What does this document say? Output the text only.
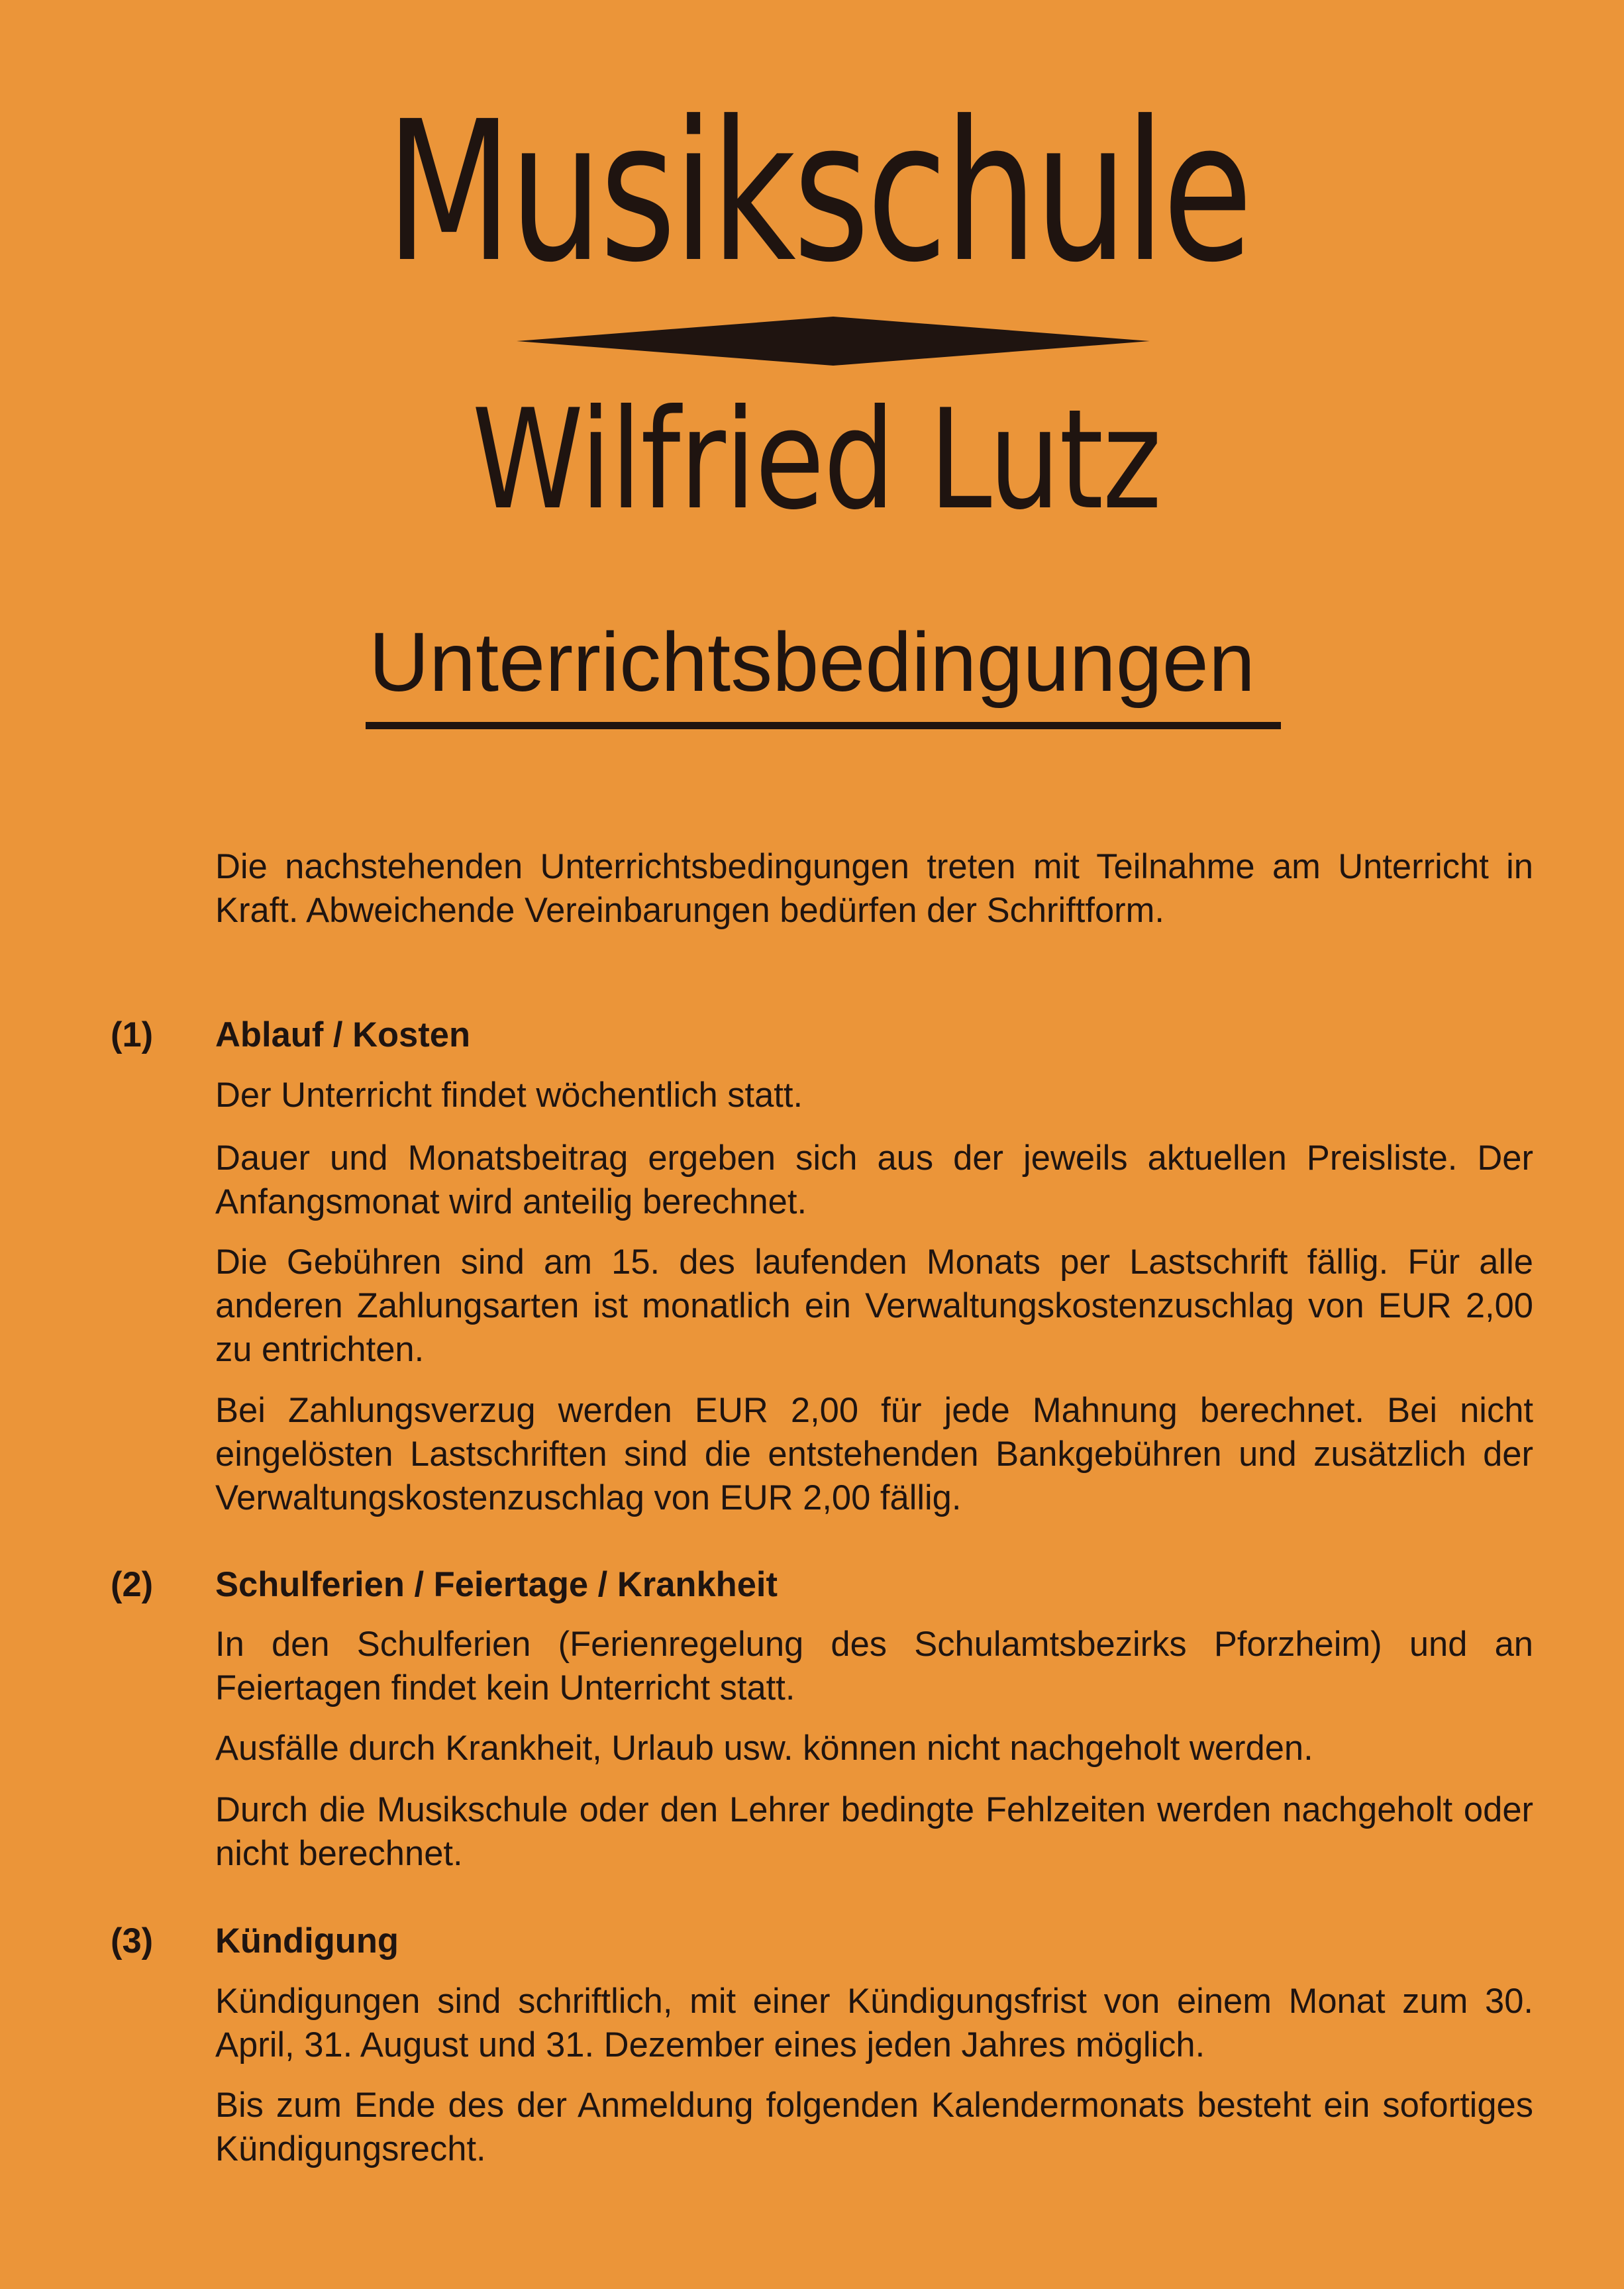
Musikschule
Wilfried Lutz
Unterrichtsbedingungen

Die nachstehenden Unterrichtsbedingungen treten mit Teilnahme am Unterricht in Kraft. Abweichende Vereinbarungen bedürfen der Schriftform.

(1) Ablauf / Kosten

Der Unterricht findet wöchentlich statt.

Dauer und Monatsbeitrag ergeben sich aus der jeweils aktuellen Preisliste. Der Anfangsmonat wird anteilig berechnet.

Die Gebühren sind am 15. des laufenden Monats per Lastschrift fällig. Für alle anderen Zahlungsarten ist monatlich ein Verwaltungskostenzuschlag von EUR 2,00 zu entrichten.

Bei Zahlungsverzug werden EUR 2,00 für jede Mahnung berechnet. Bei nicht eingelösten Lastschriften sind die entstehenden Bankgebühren und zusätzlich der Verwaltungskostenzuschlag von EUR 2,00 fällig.

(2) Schulferien / Feiertage / Krankheit

In den Schulferien (Ferienregelung des Schulamtsbezirks Pforzheim) und an Feiertagen findet kein Unterricht statt.

Ausfälle durch Krankheit, Urlaub usw. können nicht nachgeholt werden.

Durch die Musikschule oder den Lehrer bedingte Fehlzeiten werden nachgeholt oder nicht berechnet.

(3) Kündigung

Kündigungen sind schriftlich, mit einer Kündigungsfrist von einem Monat zum 30. April, 31. August und 31. Dezember eines jeden Jahres möglich.

Bis zum Ende des der Anmeldung folgenden Kalendermonats besteht ein sofortiges Kündigungsrecht.
